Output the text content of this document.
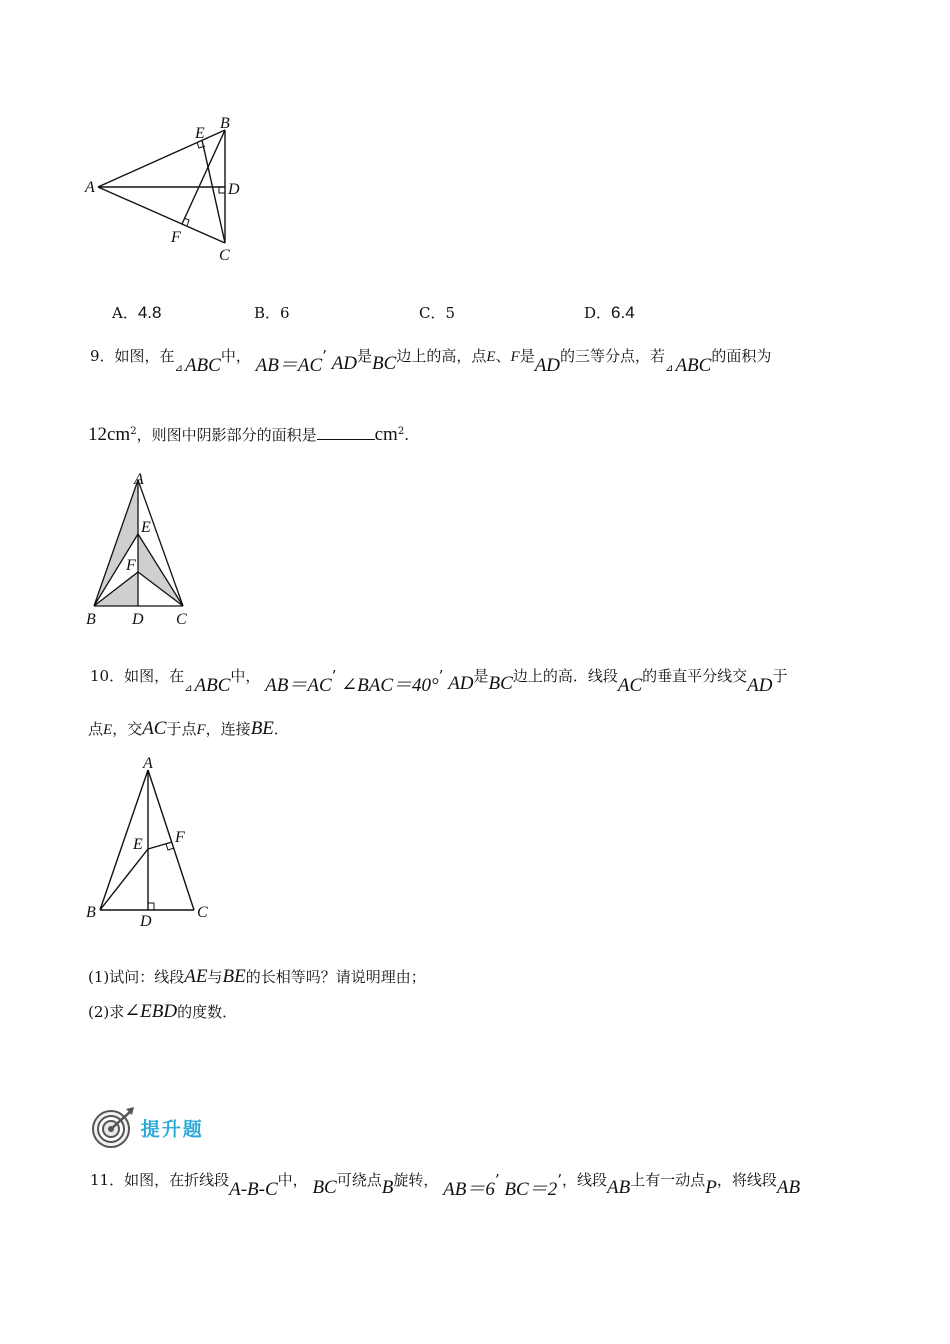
A
B
C
D
E
F
A．4.8	B．6	C．5	D．6.4
9．如图，在⊿ ABC中， AB＝AC’ AD是BC边上的高，点E、F是AD的三等分点，若⊿ ABC的面积为
$12cm^2$，则图中阴影部分的面积是	$cm^2$.
A
E
F
B D C
10．如图，在⊿ ABC中， AB＝AC’ ∠BAC＝40°’ AD是BC边上的高．线段AC的垂直平分线交AD于
点E，交AC于点F，连接BE．
A
E F
B
D
C
(1)试问：线段AE与BE的长相等吗？请说明理由；
(2)求∠EBD的度数．
提升题
11．如图，在折线段A-B-C中， BC可绕点B旋转， AB＝6’ BC＝2’，线段AB上有一动点P，将线段AB
